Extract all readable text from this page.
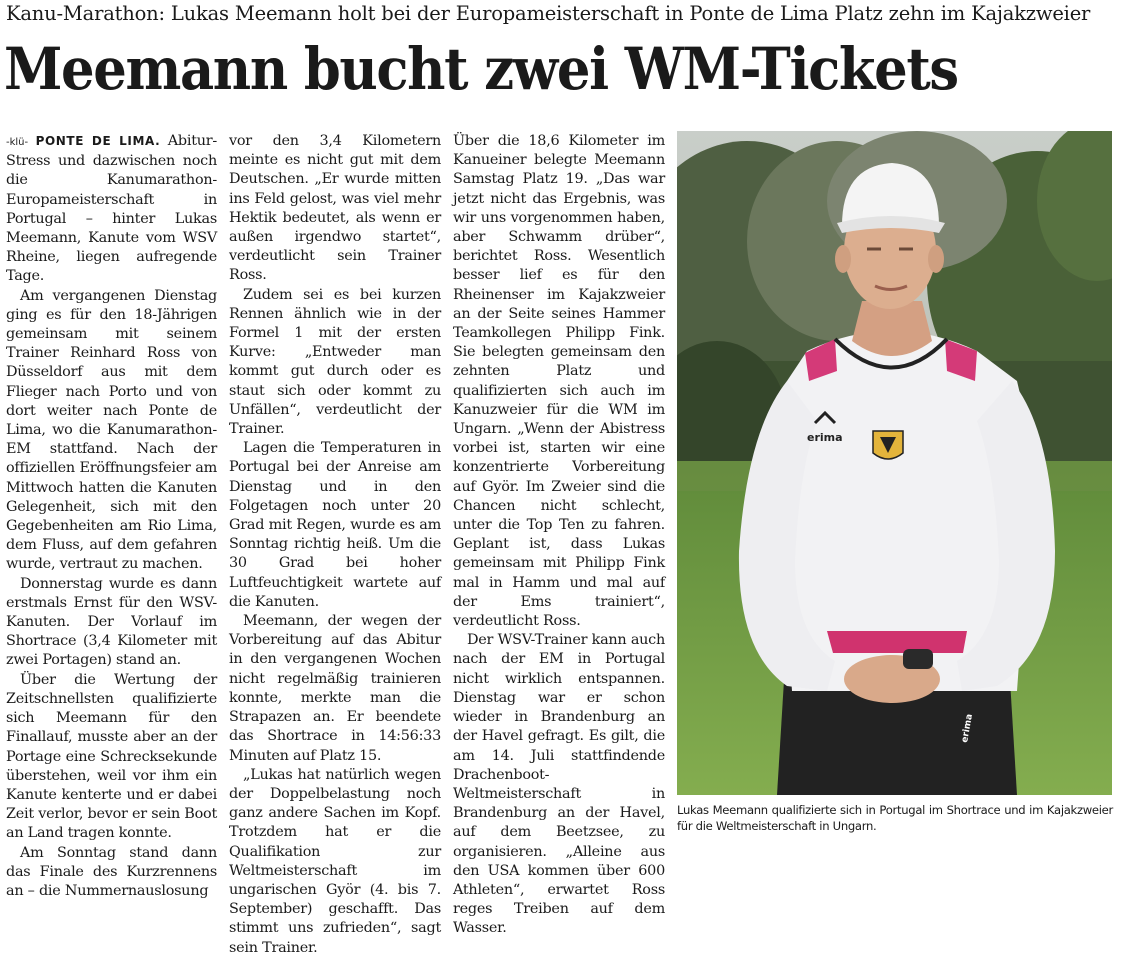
Kanu-Marathon: Lukas Meemann holt bei der Europameisterschaft in Ponte de Lima Platz zehn im Kajakzweier
Meemann bucht zwei WM-Tickets

-klü- PONTE DE LIMA. Abitur-Stress und dazwischen noch die Kanumarathon-Europameisterschaft in Portugal – hinter Lukas Meemann, Kanute vom WSV Rheine, liegen aufregende Tage.

Am vergangenen Dienstag ging es für den 18-Jährigen gemeinsam mit seinem Trainer Reinhard Ross von Düsseldorf aus mit dem Flieger nach Porto und von dort weiter nach Ponte de Lima, wo die Kanumarathon-EM stattfand. Nach der offiziellen Eröffnungsfeier am Mittwoch hatten die Kanuten Gelegenheit, sich mit den Gegebenheiten am Rio Lima, dem Fluss, auf dem gefahren wurde, vertraut zu machen.

Donnerstag wurde es dann erstmals Ernst für den WSV-Kanuten. Der Vorlauf im Shortrace (3,4 Kilometer mit zwei Portagen) stand an.

Über die Wertung der Zeitschnellsten qualifizierte sich Meemann für den Finallauf, musste aber an der Portage eine Schrecksekunde überstehen, weil vor ihm ein Kanute kenterte und er dabei Zeit verlor, bevor er sein Boot an Land tragen konnte.

Am Sonntag stand dann das Finale des Kurzrennens an – die Nummernauslosung

vor den 3,4 Kilometern meinte es nicht gut mit dem Deutschen. „Er wurde mitten ins Feld gelost, was viel mehr Hektik bedeutet, als wenn er außen irgendwo startet“, verdeutlicht sein Trainer Ross.

Zudem sei es bei kurzen Rennen ähnlich wie in der Formel 1 mit der ersten Kurve: „Entweder man kommt gut durch oder es staut sich oder kommt zu Unfällen“, verdeutlicht der Trainer.

Lagen die Temperaturen in Portugal bei der Anreise am Dienstag und in den Folgetagen noch unter 20 Grad mit Regen, wurde es am Sonntag richtig heiß. Um die 30 Grad bei hoher Luftfeuchtigkeit wartete auf die Kanuten.

Meemann, der wegen der Vorbereitung auf das Abitur in den vergangenen Wochen nicht regelmäßig trainieren konnte, merkte man die Strapazen an. Er beendete das Shortrace in 14:56:33 Minuten auf Platz 15.

„Lukas hat natürlich wegen der Doppelbelastung noch ganz andere Sachen im Kopf. Trotzdem hat er die Qualifikation zur Weltmeisterschaft im ungarischen Györ (4. bis 7. September) geschafft. Das stimmt uns zufrieden“, sagt sein Trainer.

Über die 18,6 Kilometer im Kanueiner belegte Meemann Samstag Platz 19. „Das war jetzt nicht das Ergebnis, was wir uns vorgenommen haben, aber Schwamm drüber“, berichtet Ross. Wesentlich besser lief es für den Rheinenser im Kajakzweier an der Seite seines Hammer Teamkollegen Philipp Fink. Sie belegten gemeinsam den zehnten Platz und qualifizierten sich auch im Kanuzweier für die WM im Ungarn. „Wenn der Abistress vorbei ist, starten wir eine konzentrierte Vorbereitung auf Györ. Im Zweier sind die Chancen nicht schlecht, unter die Top Ten zu fahren. Geplant ist, dass Lukas gemeinsam mit Philipp Fink mal in Hamm und mal auf der Ems trainiert“, verdeutlicht Ross.

Der WSV-Trainer kann auch nach der EM in Portugal nicht wirklich entspannen. Dienstag war er schon wieder in Brandenburg an der Havel gefragt. Es gilt, die am 14. Juli stattfindende Drachenboot-Weltmeisterschaft in Brandenburg an der Havel, auf dem Beetzsee, zu organisieren. „Alleine aus den USA kommen über 600 Athleten“, erwartet Ross reges Treiben auf dem Wasser.

erima
erima
Lukas Meemann qualifizierte sich in Portugal im Shortrace und im Kajakzweier für die Weltmeisterschaft in Ungarn.
